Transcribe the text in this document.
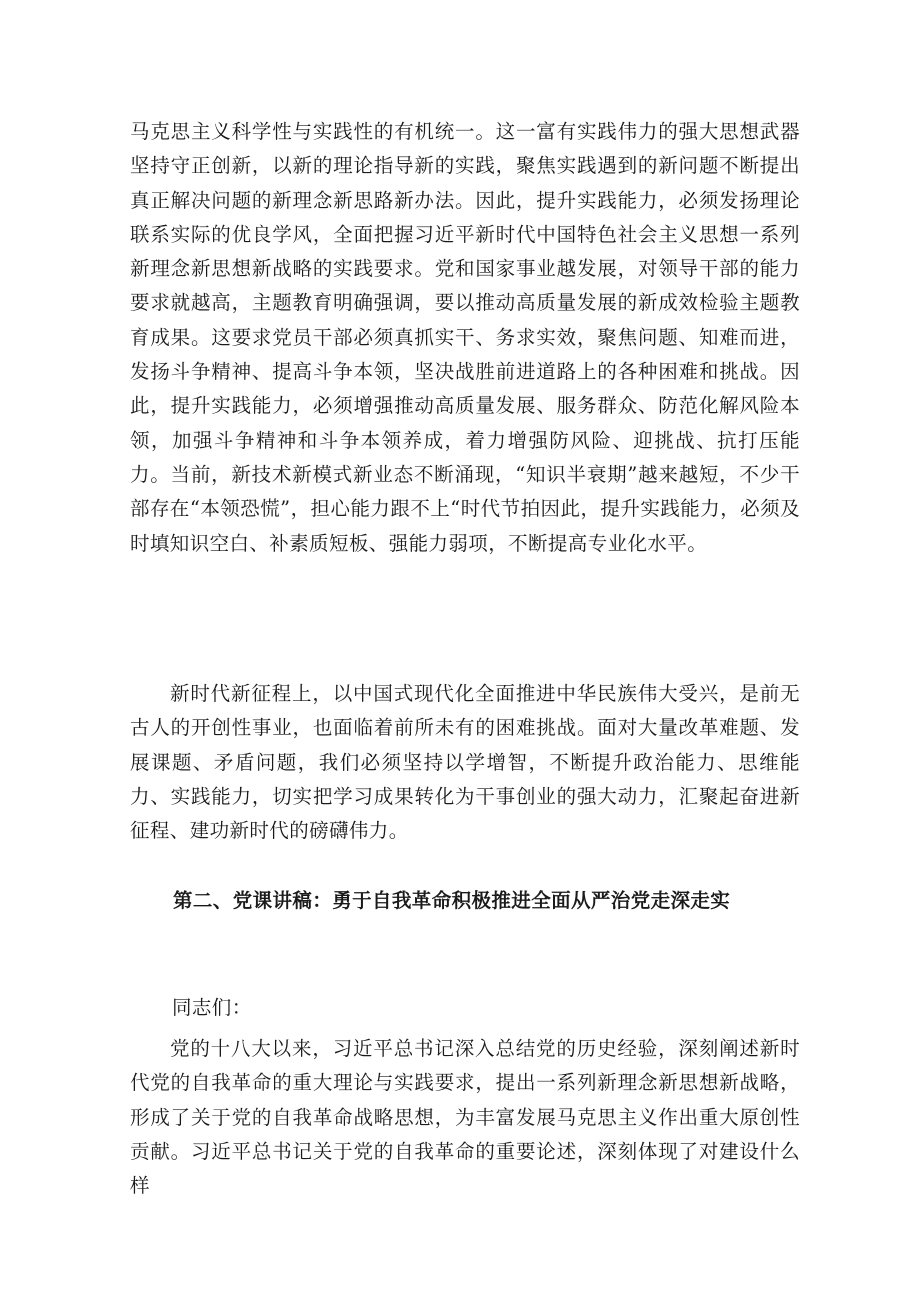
马克思主义科学性与实践性的有机统一。这一富有实践伟力的强大思想武器坚持守正创新，以新的理论指导新的实践，聚焦实践遇到的新问题不断提出真正解决问题的新理念新思路新办法。因此，提升实践能力，必须发扬理论联系实际的优良学风，全面把握习近平新时代中国特色社会主义思想一系列新理念新思想新战略的实践要求。党和国家事业越发展，对领导干部的能力要求就越高，主题教育明确强调，要以推动高质量发展的新成效检验主题教育成果。这要求党员干部必须真抓实干、务求实效，聚焦问题、知难而进，发扬斗争精神、提高斗争本领，坚决战胜前进道路上的各种困难和挑战。因此，提升实践能力，必须增强推动高质量发展、服务群众、防范化解风险本领，加强斗争精神和斗争本领养成，着力增强防风险、迎挑战、抗打压能力。当前，新技术新模式新业态不断涌现，“知识半衰期”越来越短，不少干部存在“本领恐慌”，担心能力跟不上“时代节拍因此，提升实践能力，必须及时填知识空白、补素质短板、强能力弱项，不断提高专业化水平。

新时代新征程上，以中国式现代化全面推进中华民族伟大受兴，是前无古人的开创性事业，也面临着前所未有的困难挑战。面对大量改革难题、发展课题、矛盾问题，我们必须坚持以学增智，不断提升政治能力、思维能力、实践能力，切实把学习成果转化为干事创业的强大动力，汇聚起奋进新征程、建功新时代的磅礴伟力。

第二、党课讲稿：勇于自我革命积极推进全面从严治党走深走实

同志们：

党的十八大以来，习近平总书记深入总结党的历史经验，深刻阐述新时代党的自我革命的重大理论与实践要求，提出一系列新理念新思想新战略，形成了关于党的自我革命战略思想，为丰富发展马克思主义作出重大原创性贡献。习近平总书记关于党的自我革命的重要论述，深刻体现了对建设什么样
